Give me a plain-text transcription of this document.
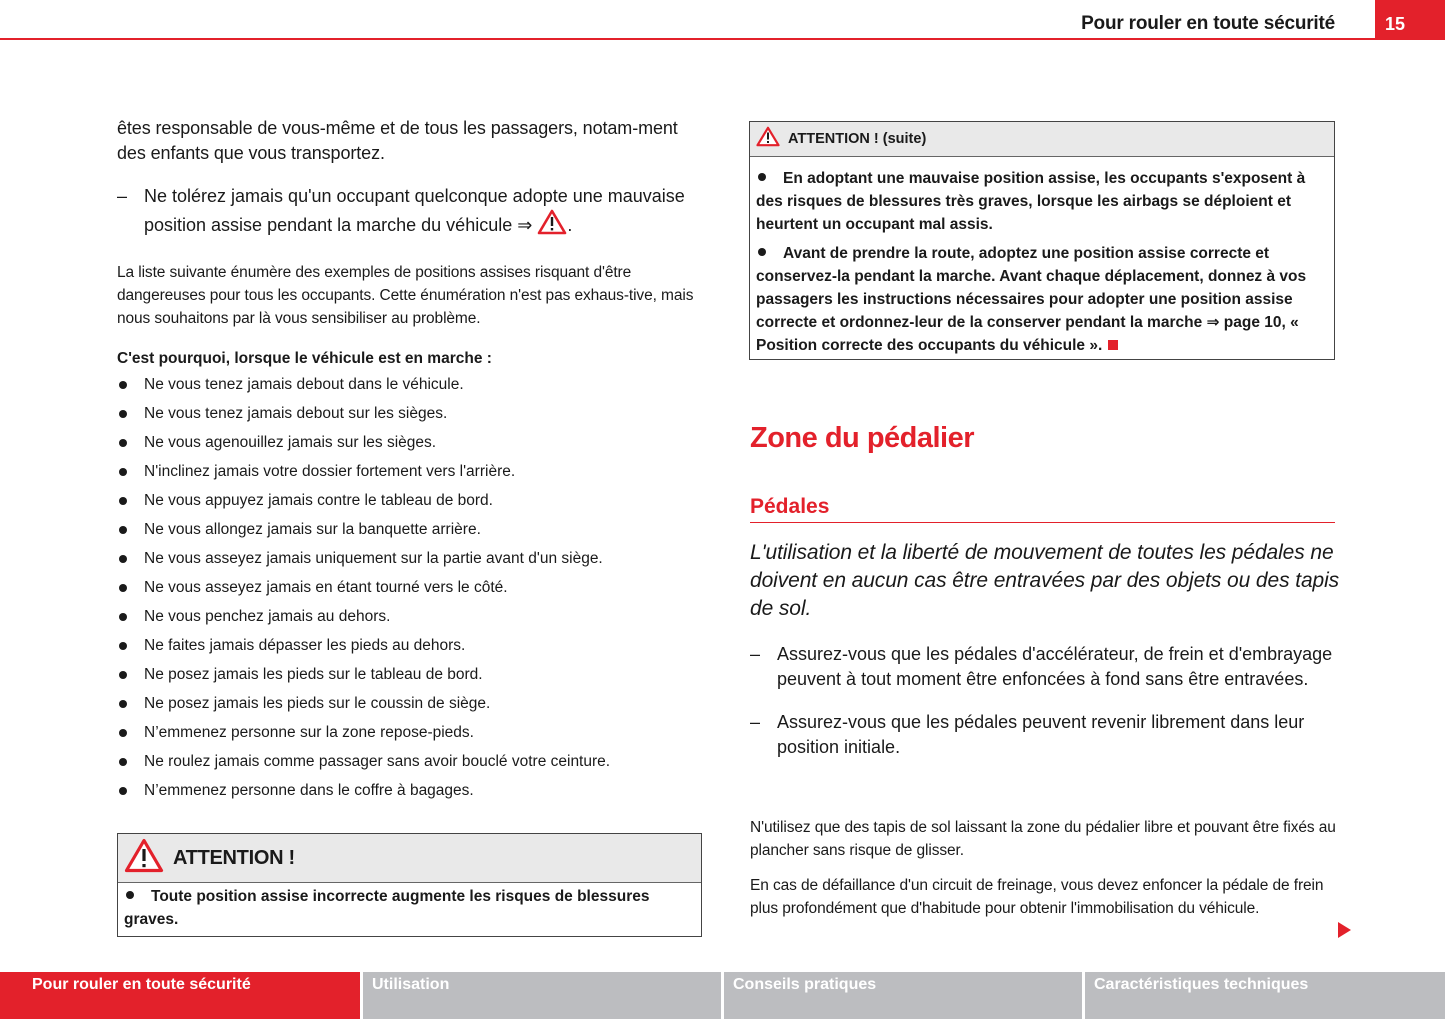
Pour rouler en toute sécurité	15

êtes responsable de vous-même et de tous les passagers, notam-ment des enfants que vous transportez.

– Ne tolérez jamais qu'un occupant quelconque adopte une mauvaise position assise pendant la marche du véhicule ⇒ .

La liste suivante énumère des exemples de positions assises risquant d'être dangereuses pour tous les occupants. Cette énumération n'est pas exhaus-tive, mais nous souhaitons par là vous sensibiliser au problème.

C'est pourquoi, lorsque le véhicule est en marche :

Ne vous tenez jamais debout dans le véhicule.
Ne vous tenez jamais debout sur les sièges.
Ne vous agenouillez jamais sur les sièges.
N'inclinez jamais votre dossier fortement vers l'arrière.
Ne vous appuyez jamais contre le tableau de bord.
Ne vous allongez jamais sur la banquette arrière.
Ne vous asseyez jamais uniquement sur la partie avant d'un siège.
Ne vous asseyez jamais en étant tourné vers le côté.
Ne vous penchez jamais au dehors.
Ne faites jamais dépasser les pieds au dehors.
Ne posez jamais les pieds sur le tableau de bord.
Ne posez jamais les pieds sur le coussin de siège.
N’emmenez personne sur la zone repose-pieds.
Ne roulez jamais comme passager sans avoir bouclé votre ceinture.
N’emmenez personne dans le coffre à bagages.
ATTENTION !

Toute position assise incorrecte augmente les risques de blessures graves.

ATTENTION ! (suite)

En adoptant une mauvaise position assise, les occupants s'exposent à des risques de blessures très graves, lorsque les airbags se déploient et heurtent un occupant mal assis.

Avant de prendre la route, adoptez une position assise correcte et conservez-la pendant la marche. Avant chaque déplacement, donnez à vos passagers les instructions nécessaires pour adopter une position assise correcte et ordonnez-leur de la conserver pendant la marche ⇒ page 10, « Position correcte des occupants du véhicule ».

Zone du pédalier
Pédales

L'utilisation et la liberté de mouvement de toutes les pédales ne doivent en aucun cas être entravées par des objets ou des tapis de sol.

– Assurez-vous que les pédales d'accélérateur, de frein et d'embrayage peuvent à tout moment être enfoncées à fond sans être entravées.
– Assurez-vous que les pédales peuvent revenir librement dans leur position initiale.

N'utilisez que des tapis de sol laissant la zone du pédalier libre et pouvant être fixés au plancher sans risque de glisser.

En cas de défaillance d'un circuit de freinage, vous devez enfoncer la pédale de frein plus profondément que d'habitude pour obtenir l'immobilisation du véhicule.

Pour rouler en toute sécurité	Utilisation	Conseils pratiques	Caractéristiques techniques
